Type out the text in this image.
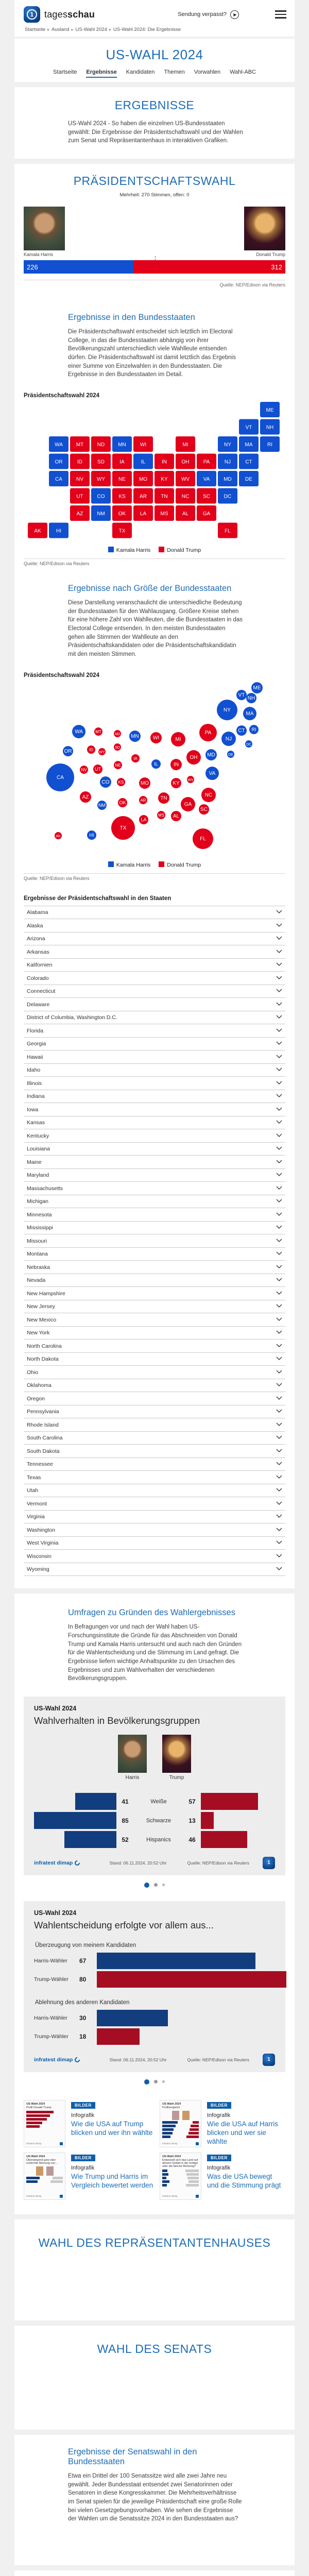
1	tagesschau	Sendung verpasst?	▶
Startseite ▸ Ausland ▸ US-Wahl 2024 ▸ US-Wahl 2024: Die Ergebnisse
US-WAHL 2024
Startseite Ergebnisse Kandidaten Themen Vorwahlen Wahl-ABC
ERGEBNISSE

US-Wahl 2024 - So haben die einzelnen US-Bundesstaaten gewählt: Die Ergebnisse der Präsidentschaftswahl und der Wahlen zum Senat und Repräsentantenhaus in interaktiven Grafiken.

PRÄSIDENTSCHAFTSWAHL
Mehrheit: 270 Stimmen, offen: 0
Kamala Harris	Donald Trump
226	312
Quelle: NEP/Edison via Reuters
Ergebnisse in den Bundesstaaten

Die Präsidentschaftswahl entscheidet sich letztlich im Electoral College, in das die Bundesstaaten abhängig von ihrer Bevölkerungszahl unterschiedlich viele Wahlleute entsenden dürfen. Die Präsidentschaftswahl ist damit letztlich das Ergebnis einer Summe von Einzelwahlen in den Bundesstaaten. Die Ergebnisse in den Bundesstaaten im Detail.

Präsidentschaftswahl 2024
ME
VT	NH
WA	MT	ND	MN	WI	MI	NY	MA	RI
OR	ID	SD	IA	IL	IN	OH	PA	NJ	CT
CA	NV	WY	NE	MO	KY	WV	VA	MD	DE
UT	CO	KS	AR	TN	NC	SC	DC
AZ	NM	OK	LA	MS	AL	GA
AK	HI	TX	FL
Kamala Harris	Donald Trump
Quelle: NEP/Edison via Reuters
Ergebnisse nach Größe der Bundesstaaten

Diese Darstellung veranschaulicht die unterschiedliche Bedeutung der Bundesstaaten für den Wahlausgang. Größere Kreise stehen für eine höhere Zahl von Wahlleuten, die die Bundesstaaten in das Electoral College entsenden. In den meisten Bundesstaaten gehen alle Stimmen der Wahlleute an den Präsidentschaftskandidaten oder die Präsidentschaftskandidatin mit den meisten Stimmen.

Präsidentschaftswahl 2024
ME
VT
NH
NY
MA
CT RI
PA
NJ
WA	MT
ND MN	WI	MI
OR	ID
WY
SD
MD	DE
IA	OH
IN
IL
NE
NV UT
CA
VA
CO KS	MO	KY
WV
NC
AZ
NM	OK	AR	TN
SC
GA
MS AL
LA
TX
FL
AK	HI
DC
Kamala Harris	Donald Trump
Quelle: NEP/Edison via Reuters
Ergebnisse der Präsidentschaftswahl in den Staaten
Alabama
Alaska
Arizona
Arkansas
Kalifornien
Colorado
Connecticut
Delaware
District of Columbia, Washington D.C.
Florida
Georgia
Hawaii
Idaho
Illinois
Indiana
Iowa
Kansas
Kentucky
Louisiana
Maine
Maryland
Massachusetts
Michigan
Minnesota
Mississippi
Missouri
Montana
Nebraska
Nevada
New Hampshire
New Jersey
New Mexico
New York
North Carolina
North Dakota
Ohio
Oklahoma
Oregon
Pennsylvania
Rhode Island
South Carolina
South Dakota
Tennessee
Texas
Utah
Vermont
Virginia
Washington
West Virginia
Wisconsin
Wyoming
Umfragen zu Gründen des Wahlergebnisses

In Befragungen vor und nach der Wahl haben US-Forschungsinstitute die Gründe für das Abschneiden von Donald Trump und Kamala Harris untersucht und auch nach den Gründen für die Wahlentscheidung und die Stimmung im Land gefragt. Die Ergebnisse liefern wichtige Anhaltspunkte zu den Ursachen des Ergebnisses und zum Wahlverhalten der verschiedenen Bevölkerungsgruppen.

US-Wahl 2024
Wahlverhalten in Bevölkerungsgruppen
Harris	Trump
41	Weiße	57
85	Schwarze	13
52	Hispanics	46
infratest dimap	Stand: 06.11.2024, 20:52 Uhr	Quelle: NEP/Edison via Reuters	1
US-Wahl 2024
Wahlentscheidung erfolgte vor allem aus...
Überzeugung von meinem Kandidaten
Harris-Wähler	67
Trump-Wähler	80
Ablehnung des anderen Kandidaten
Harris-Wähler	30
Trump-Wähler	18
infratest dimap	Stand: 06.11.2024, 20:52 Uhr	Quelle: NEP/Edison via Reuters	1
US-Wahl 2024
Profil Donald Trump
infratest dimap
BILDER
Infografik
Wie die USA auf Trump blicken und wer ihn wählte
US-Wahl 2024
Profilvergleich
infratest dimap
BILDER
Infografik
Wie die USA auf Harris blicken und wer sie wählte
US-Wahl 2024
Überwiegend gute oder schlechte Meinung von...
infratest dimap
BILDER
Infografik
Wie Trump und Harris im Vergleich bewertet werden
US-Wahl 2024
Entwickelt sich das Land auf diesem Gebiet in die richtige oder die falsche Richtung?
infratest dimap
BILDER
Infografik
Was die USA bewegt und die Stimmung prägt
WAHL DES REPRÄSENTANTENHAUSES
WAHL DES SENATS
Ergebnisse der Senatswahl in den Bundesstaaten

Etwa ein Drittel der 100 Senatssitze wird alle zwei Jahre neu gewählt. Jeder Bundesstaat entsendet zwei Senatorinnen oder Senatoren in diese Kongresskammer. Die Mehrheitsverhältnisse im Senat spielen für die jeweilige Präsidentschaft eine große Rolle bei vielen Gesetzgebungsvorhaben. Wie sehen die Ergebnisse der Wahlen um die Senatssitze 2024 in den Bundesstaaten aus?
